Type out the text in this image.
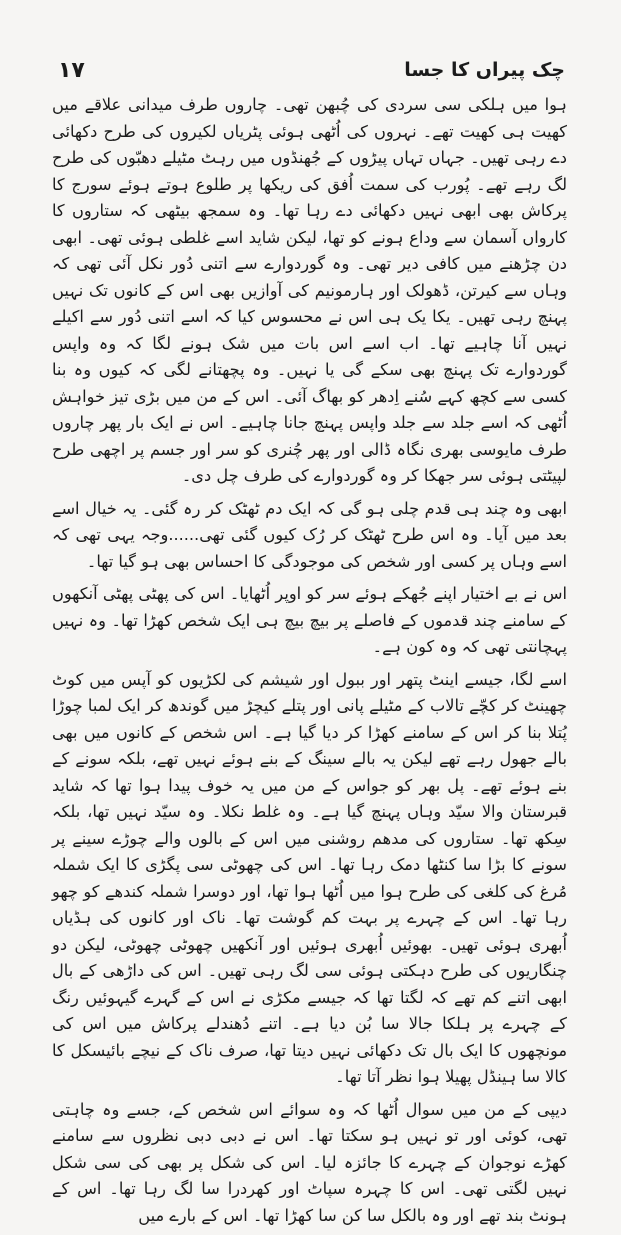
١٧	چک پیراں کا جسا

ہوا میں ہلکی سی سردی کی چُبھن تھی۔ چاروں طرف میدانی علاقے میں کھیت ہی کھیت تھے۔ نہروں کی اُٹھی ہوئی پٹریاں لکیروں کی طرح دکھائی دے رہی تھیں۔ جہاں تہاں پیڑوں کے جُھنڈوں میں رہٹ مٹیلے دھبّوں کی طرح لگ رہے تھے۔ پُورب کی سمت اُفق کی ریکھا پر طلوع ہوتے ہوئے سورج کا پرکاش بھی ابھی نہیں دکھائی دے رہا تھا۔ وہ سمجھ بیٹھی کہ ستاروں کا کارواں آسمان سے وداع ہونے کو تھا، لیکن شاید اسے غلطی ہوئی تھی۔ ابھی دن چڑھنے میں کافی دیر تھی۔ وہ گوردوارے سے اتنی دُور نکل آئی تھی کہ وہاں سے کیرتن، ڈھولک اور ہارمونیم کی آوازیں بھی اس کے کانوں تک نہیں پہنچ رہی تھیں۔ یکا یک ہی اس نے محسوس کیا کہ اسے اتنی دُور سے اکیلے نہیں آنا چاہیے تھا۔ اب اسے اس بات میں شک ہونے لگا کہ وہ واپس گوردوارے تک پہنچ بھی سکے گی یا نہیں۔ وہ پچھتانے لگی کہ کیوں وہ بنا کسی سے کچھ کہے سُنے اِدھر کو بھاگ آئی۔ اس کے من میں بڑی تیز خواہش اُٹھی کہ اسے جلد سے جلد واپس پہنچ جانا چاہیے۔ اس نے ایک بار پھر چاروں طرف مایوسی بھری نگاہ ڈالی اور پھر چُنری کو سر اور جسم پر اچھی طرح لپیٹتی ہوئی سر جھکا کر وہ گوردوارے کی طرف چل دی۔

ابھی وہ چند ہی قدم چلی ہو گی کہ ایک دم ٹھٹک کر رہ گئی۔ یہ خیال اسے بعد میں آیا۔ وہ اس طرح ٹھٹک کر رُک کیوں گئی تھی......وجہ یہی تھی کہ اسے وہاں پر کسی اور شخص کی موجودگی کا احساس بھی ہو گیا تھا۔

اس نے بے اختیار اپنے جُھکے ہوئے سر کو اوپر اُٹھایا۔ اس کی پھٹی پھٹی آنکھوں کے سامنے چند قدموں کے فاصلے پر بیچ بیچ ہی ایک شخص کھڑا تھا۔ وہ نہیں پہچانتی تھی کہ وہ کون ہے۔

اسے لگا، جیسے اینٹ پتھر اور ببول اور شیشم کی لکڑیوں کو آپس میں کوٹ چھینٹ کر کچّے تالاب کے مٹیلے پانی اور پتلے کیچڑ میں گوندھ کر ایک لمبا چوڑا پُتلا بنا کر اس کے سامنے کھڑا کر دیا گیا ہے۔ اس شخص کے کانوں میں بھی بالے جھول رہے تھے لیکن یہ بالے سینگ کے بنے ہوئے نہیں تھے، بلکہ سونے کے بنے ہوئے تھے۔ پل بھر کو جواس کے من میں یہ خوف پیدا ہوا تھا کہ شاید قبرستان والا سیّد وہاں پہنچ گیا ہے۔ وہ غلط نکلا۔ وہ سیّد نہیں تھا، بلکہ سِکھ تھا۔ ستاروں کی مدھم روشنی میں اس کے بالوں والے چوڑے سینے پر سونے کا بڑا سا کنٹھا دمک رہا تھا۔ اس کی چھوٹی سی پگڑی کا ایک شملہ مُرغ کی کلغی کی طرح ہوا میں اُٹھا ہوا تھا، اور دوسرا شملہ کندھے کو چھو رہا تھا۔ اس کے چہرے پر بہت کم گوشت تھا۔ ناک اور کانوں کی ہڈیاں اُبھری ہوئی تھیں۔ بھوئیں اُبھری ہوئیں اور آنکھیں چھوٹی چھوٹی، لیکن دو چنگاریوں کی طرح دہکتی ہوئی سی لگ رہی تھیں۔ اس کی داڑھی کے بال ابھی اتنے کم تھے کہ لگتا تھا کہ جیسے مکڑی نے اس کے گہرے گیہوئیں رنگ کے چہرے پر ہلکا جالا سا بُن دیا ہے۔ اتنے دُھندلے پرکاش میں اس کی مونچھوں کا ایک بال تک دکھائی نہیں دیتا تھا، صرف ناک کے نیچے بائیسکل کا کالا سا ہینڈل پھیلا ہوا نظر آتا تھا۔

دیپی کے من میں سوال اُٹھا کہ وہ سوائے اس شخص کے، جسے وہ چاہتی تھی، کوئی اور تو نہیں ہو سکتا تھا۔ اس نے دبی دبی نظروں سے سامنے کھڑے نوجوان کے چہرے کا جائزہ لیا۔ اس کی شکل پر بھی کی سی شکل نہیں لگتی تھی۔ اس کا چہرہ سپاٹ اور کھردرا سا لگ رہا تھا۔ اس کے ہونٹ بند تھے اور وہ بالکل سا کن سا کھڑا تھا۔ اس کے بارے میں
